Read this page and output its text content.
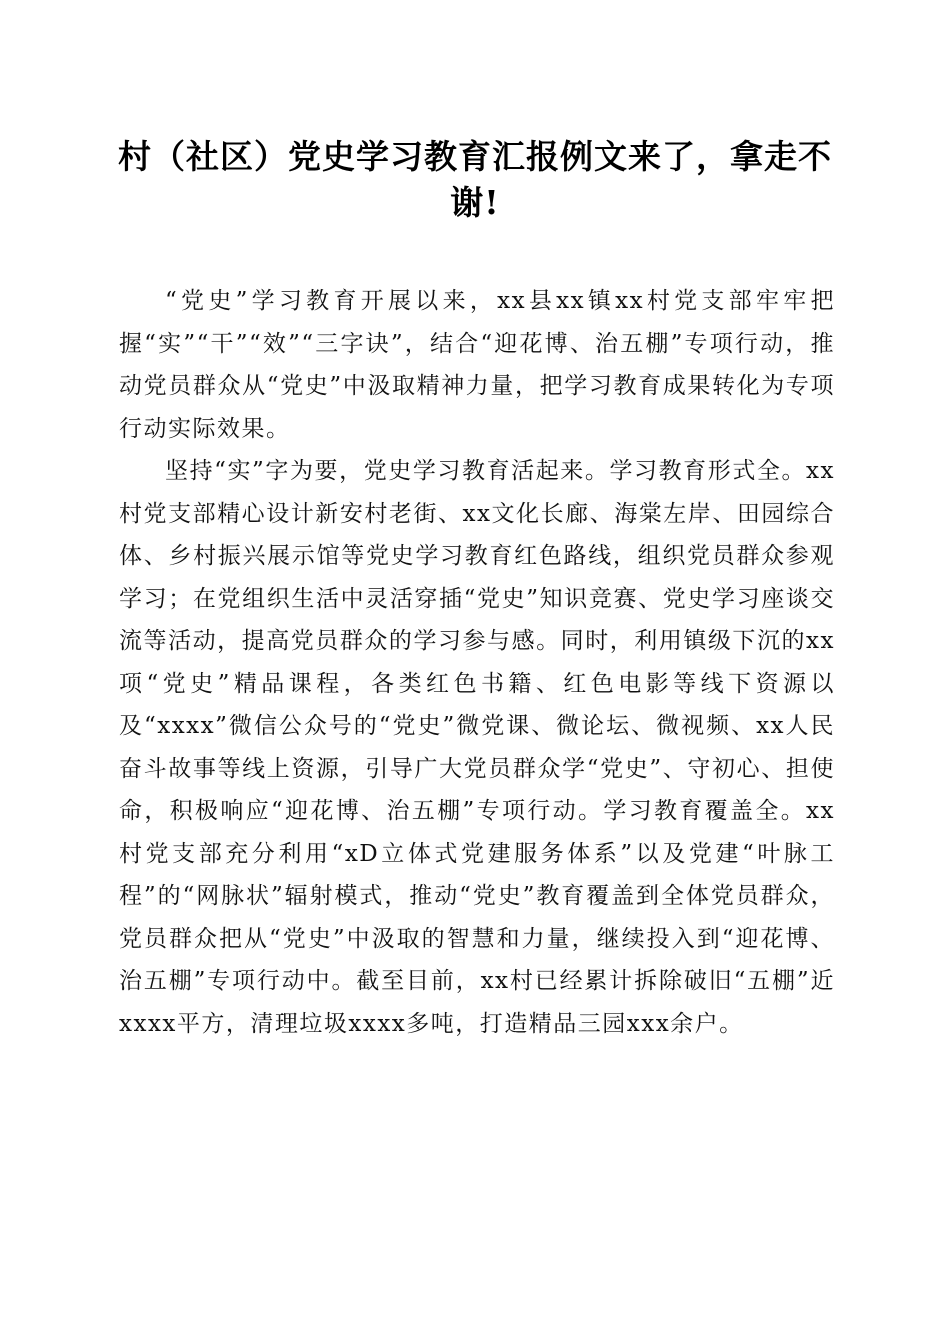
村（社区）党史学习教育汇报例文来了，拿走不谢!

“党史”学习教育开展以来，xx县xx镇xx村党支部牢牢把握“实”“干”“效”“三字诀”，结合“迎花博、治五棚”专项行动，推动党员群众从“党史”中汲取精神力量，把学习教育成果转化为专项行动实际效果。

坚持“实”字为要，党史学习教育活起来。学习教育形式全。xx村党支部精心设计新安村老街、xx文化长廊、海棠左岸、田园综合体、乡村振兴展示馆等党史学习教育红色路线，组织党员群众参观学习；在党组织生活中灵活穿插“党史”知识竞赛、党史学习座谈交流等活动，提高党员群众的学习参与感。同时，利用镇级下沉的xx项“党史”精品课程，各类红色书籍、红色电影等线下资源以及“xxxx”微信公众号的“党史”微党课、微论坛、微视频、xx人民奋斗故事等线上资源，引导广大党员群众学“党史”、守初心、担使命，积极响应“迎花博、治五棚”专项行动。学习教育覆盖全。xx村党支部充分利用“xD立体式党建服务体系”以及党建“叶脉工程”的“网脉状”辐射模式，推动“党史”教育覆盖到全体党员群众，党员群众把从“党史”中汲取的智慧和力量，继续投入到“迎花博、治五棚”专项行动中。截至目前，xx村已经累计拆除破旧“五棚”近xxxx平方，清理垃圾xxxx多吨，打造精品三园xxx余户。
